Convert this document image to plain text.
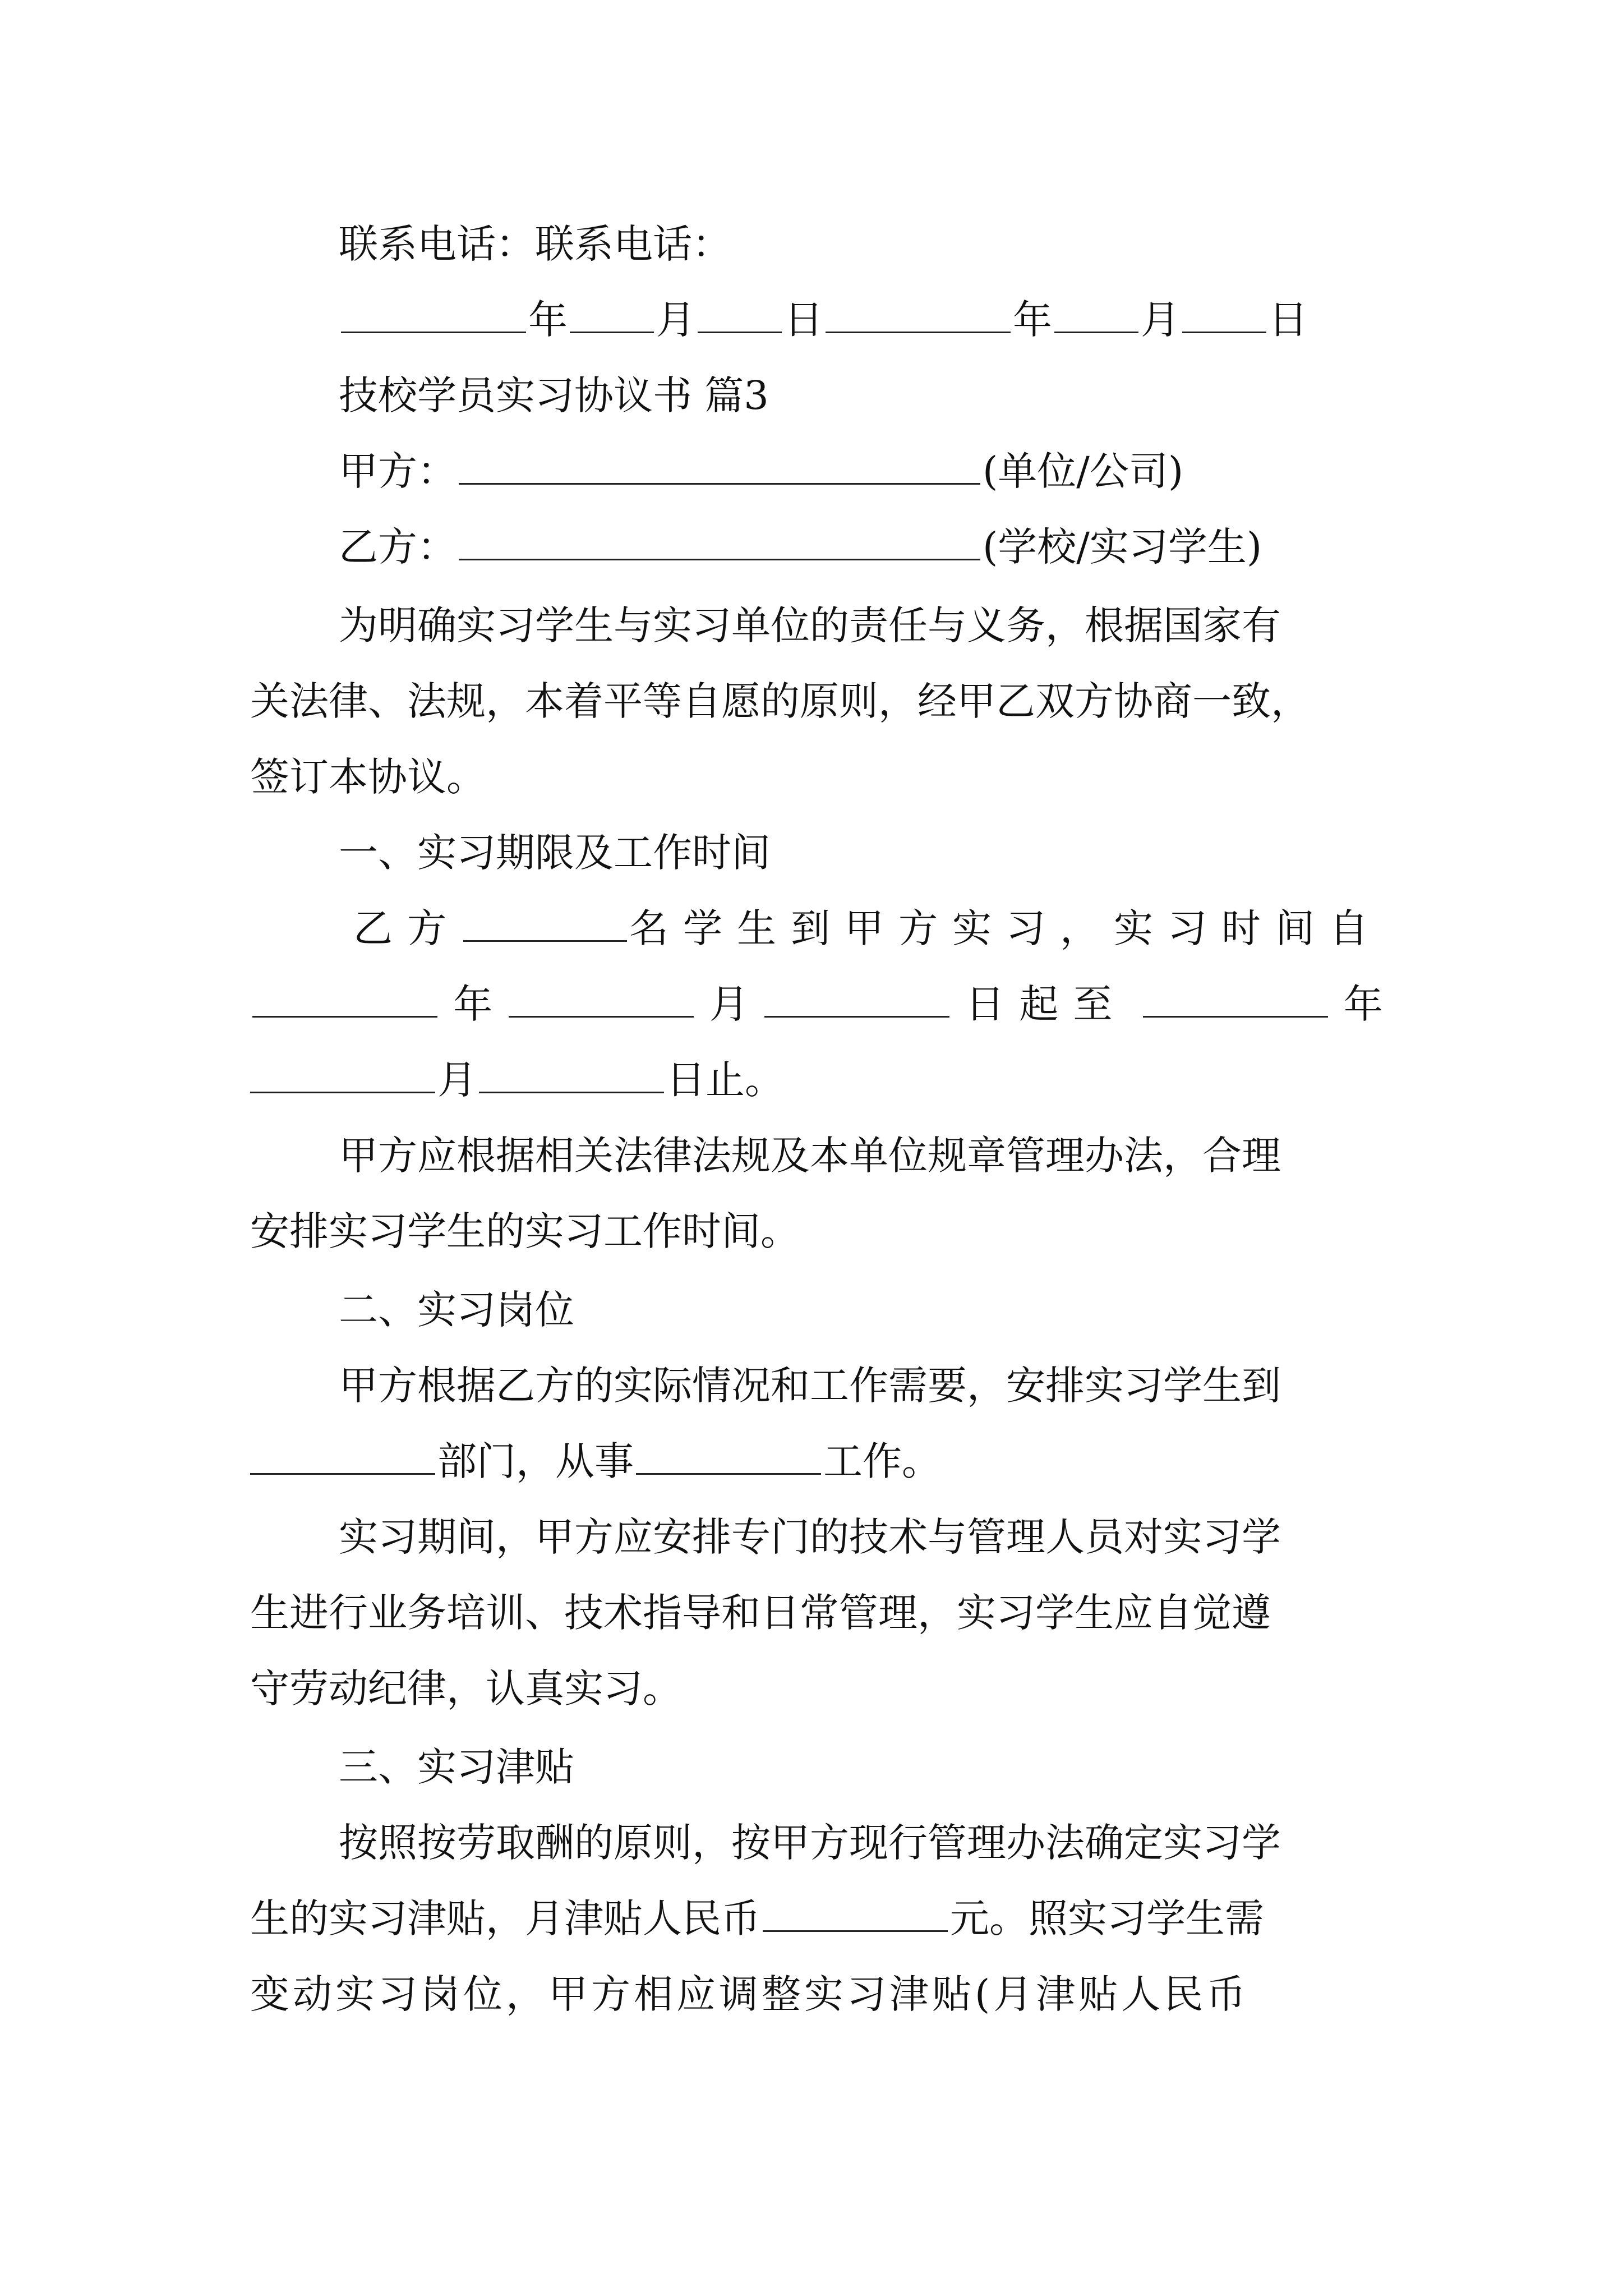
联系电话：联系电话：
年 月 日	年 月 日
技校学员实习协议书 篇3
甲方：	(单位/公司)
乙方：	(学校/实习学生)
为明确实习学生与实习单位的责任与义务，根据国家有
关法律、法规，本着平等自愿的原则，经甲乙双方协商一致，
签订本协议。
一、实习期限及工作时间
乙方	名学生到甲方实习，实习时间自
年	月	日起至	年
月	日止。
甲方应根据相关法律法规及本单位规章管理办法，合理
安排实习学生的实习工作时间。
二、实习岗位
甲方根据乙方的实际情况和工作需要，安排实习学生到
部门，从事	工作。
实习期间，甲方应安排专门的技术与管理人员对实习学
生进行业务培训、技术指导和日常管理，实习学生应自觉遵
守劳动纪律，认真实习。
三、实习津贴
按照按劳取酬的原则，按甲方现行管理办法确定实习学
生的实习津贴，月津贴人民币	元。照实习学生需
变动实习岗位，甲方相应调整实习津贴(月津贴人民币
